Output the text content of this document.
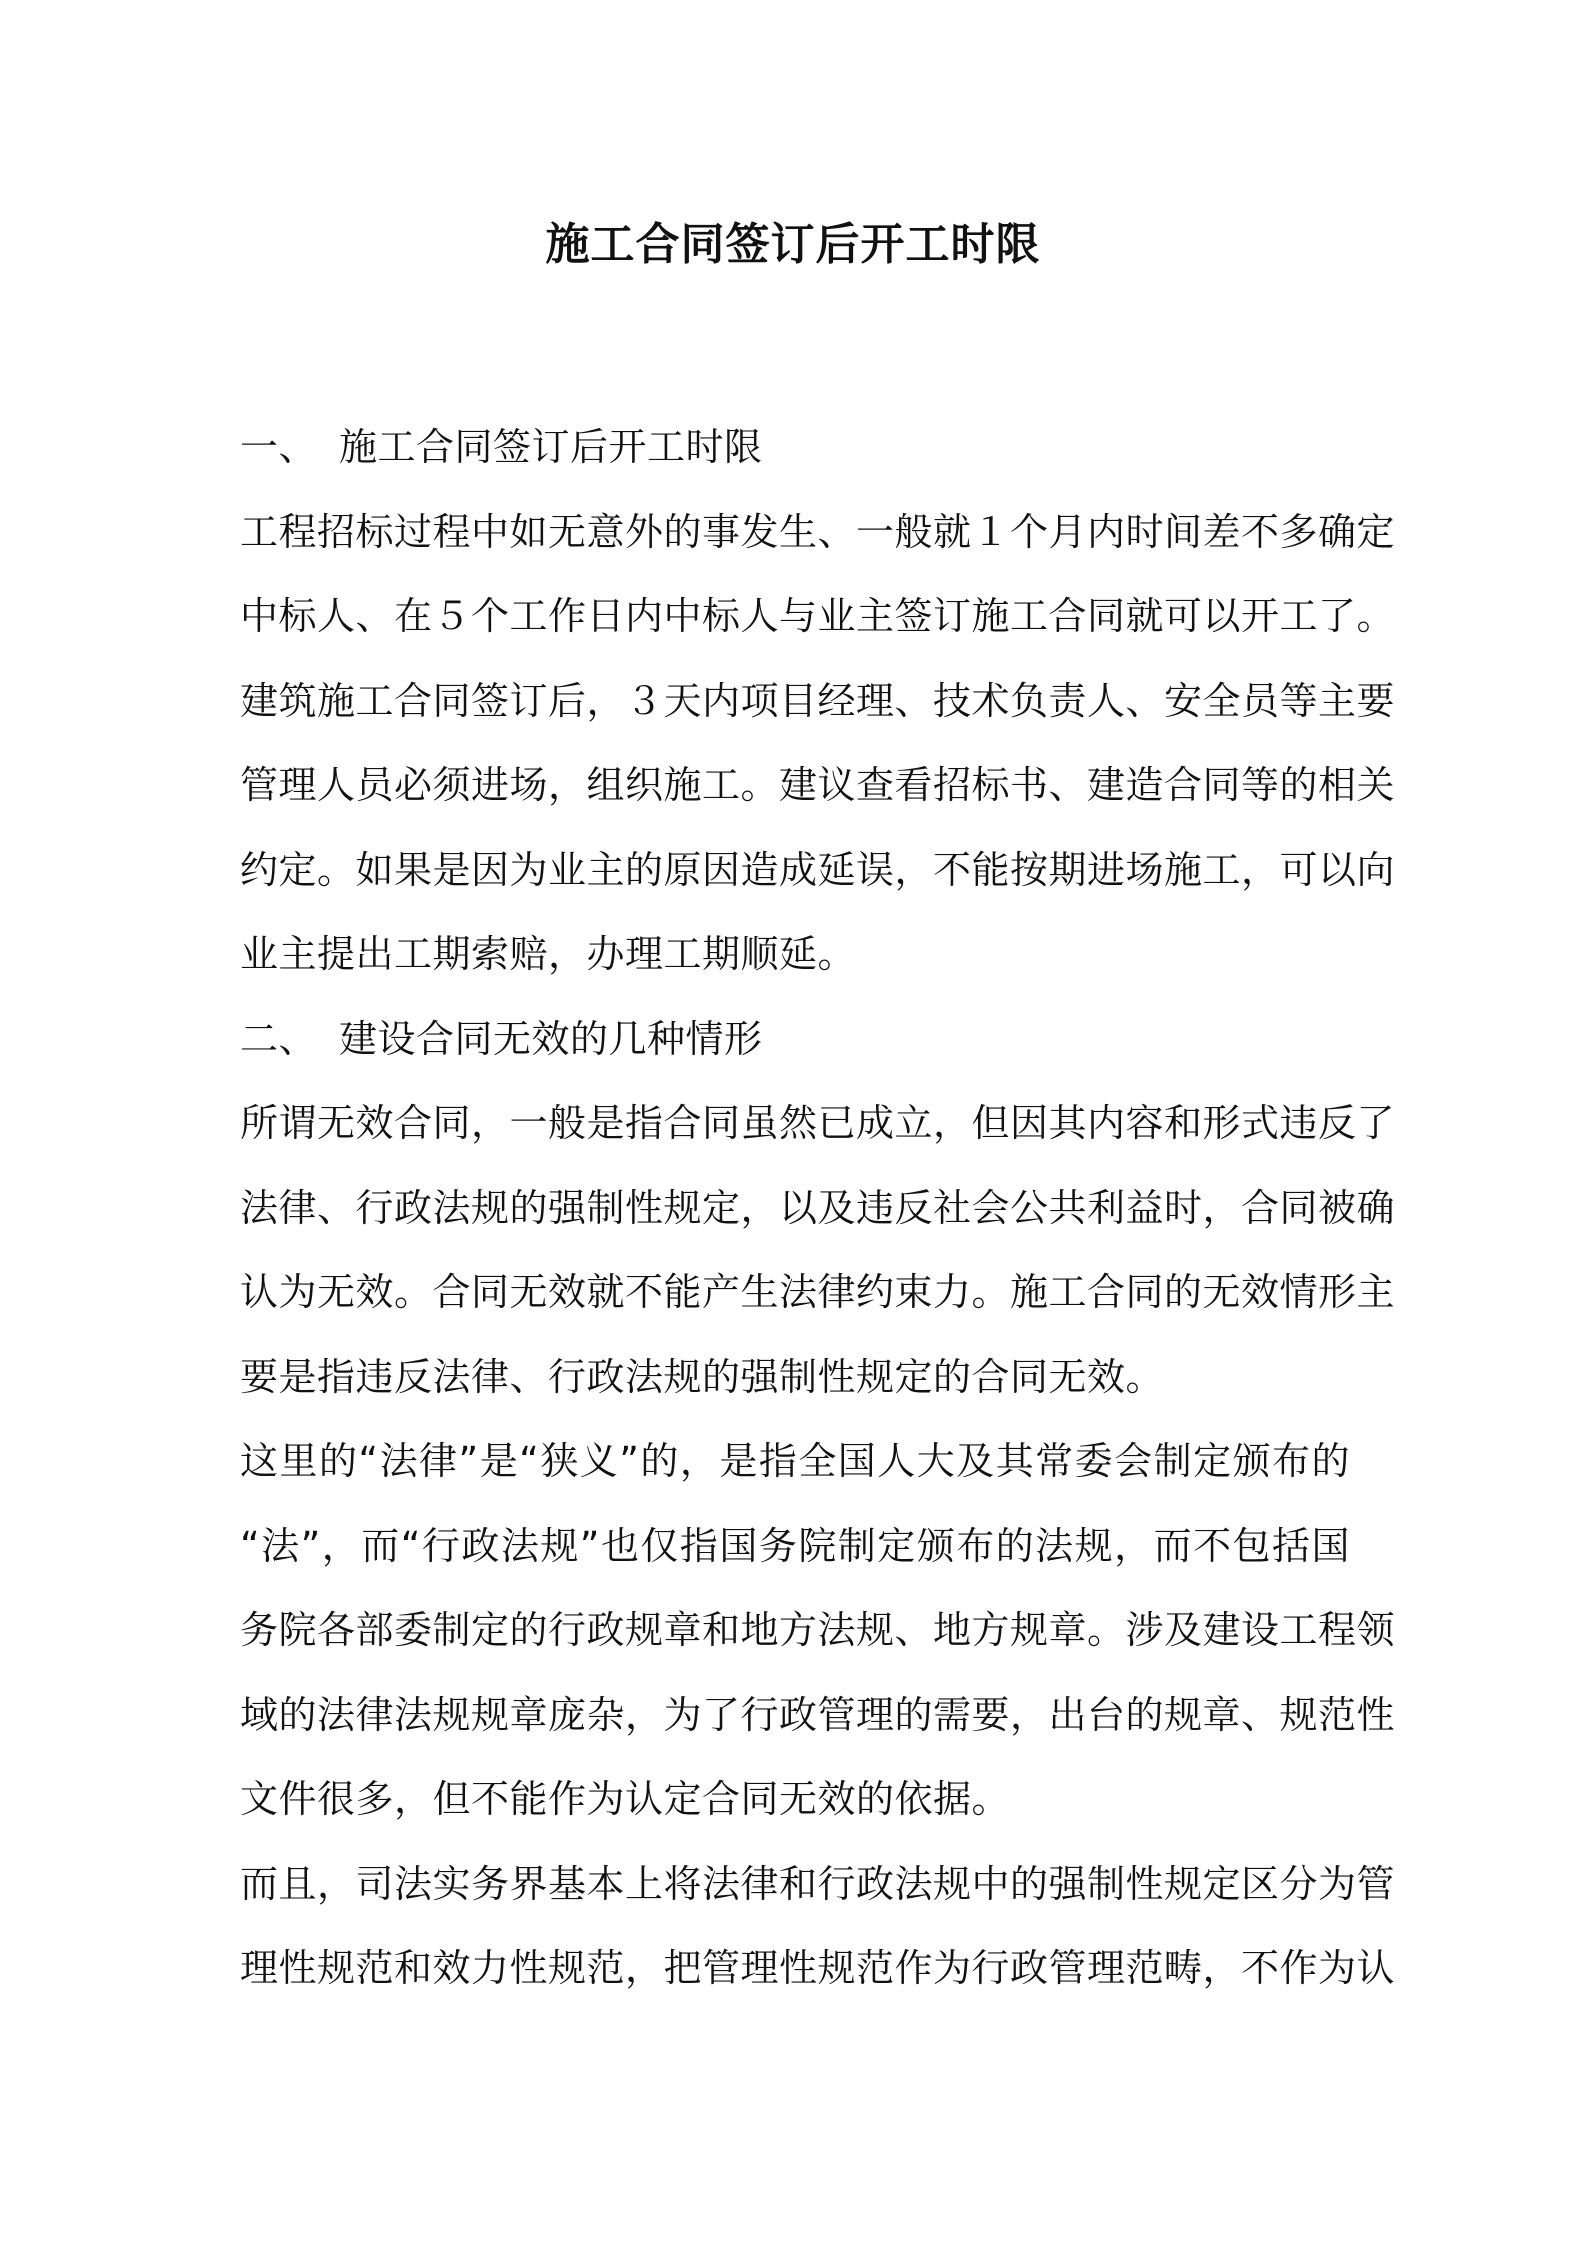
施工合同签订后开工时限
一、 施工合同签订后开工时限
工程招标过程中如无意外的事发生、一般就１个月内时间差不多确定
中标人、在５个工作日内中标人与业主签订施工合同就可以开工了。
建筑施工合同签订后，３天内项目经理、技术负责人、安全员等主要
管理人员必须进场，组织施工。建议查看招标书、建造合同等的相关
约定。如果是因为业主的原因造成延误，不能按期进场施工，可以向
业主提出工期索赔，办理工期顺延。
二、 建设合同无效的几种情形
所谓无效合同，一般是指合同虽然已成立，但因其内容和形式违反了
法律、行政法规的强制性规定，以及违反社会公共利益时，合同被确
认为无效。合同无效就不能产生法律约束力。施工合同的无效情形主
要是指违反法律、行政法规的强制性规定的合同无效。
这里的“法律”是“狭义”的，是指全国人大及其常委会制定颁布的
“法”，而“行政法规”也仅指国务院制定颁布的法规，而不包括国
务院各部委制定的行政规章和地方法规、地方规章。涉及建设工程领
域的法律法规规章庞杂，为了行政管理的需要，出台的规章、规范性
文件很多，但不能作为认定合同无效的依据。
而且，司法实务界基本上将法律和行政法规中的强制性规定区分为管
理性规范和效力性规范，把管理性规范作为行政管理范畴，不作为认
